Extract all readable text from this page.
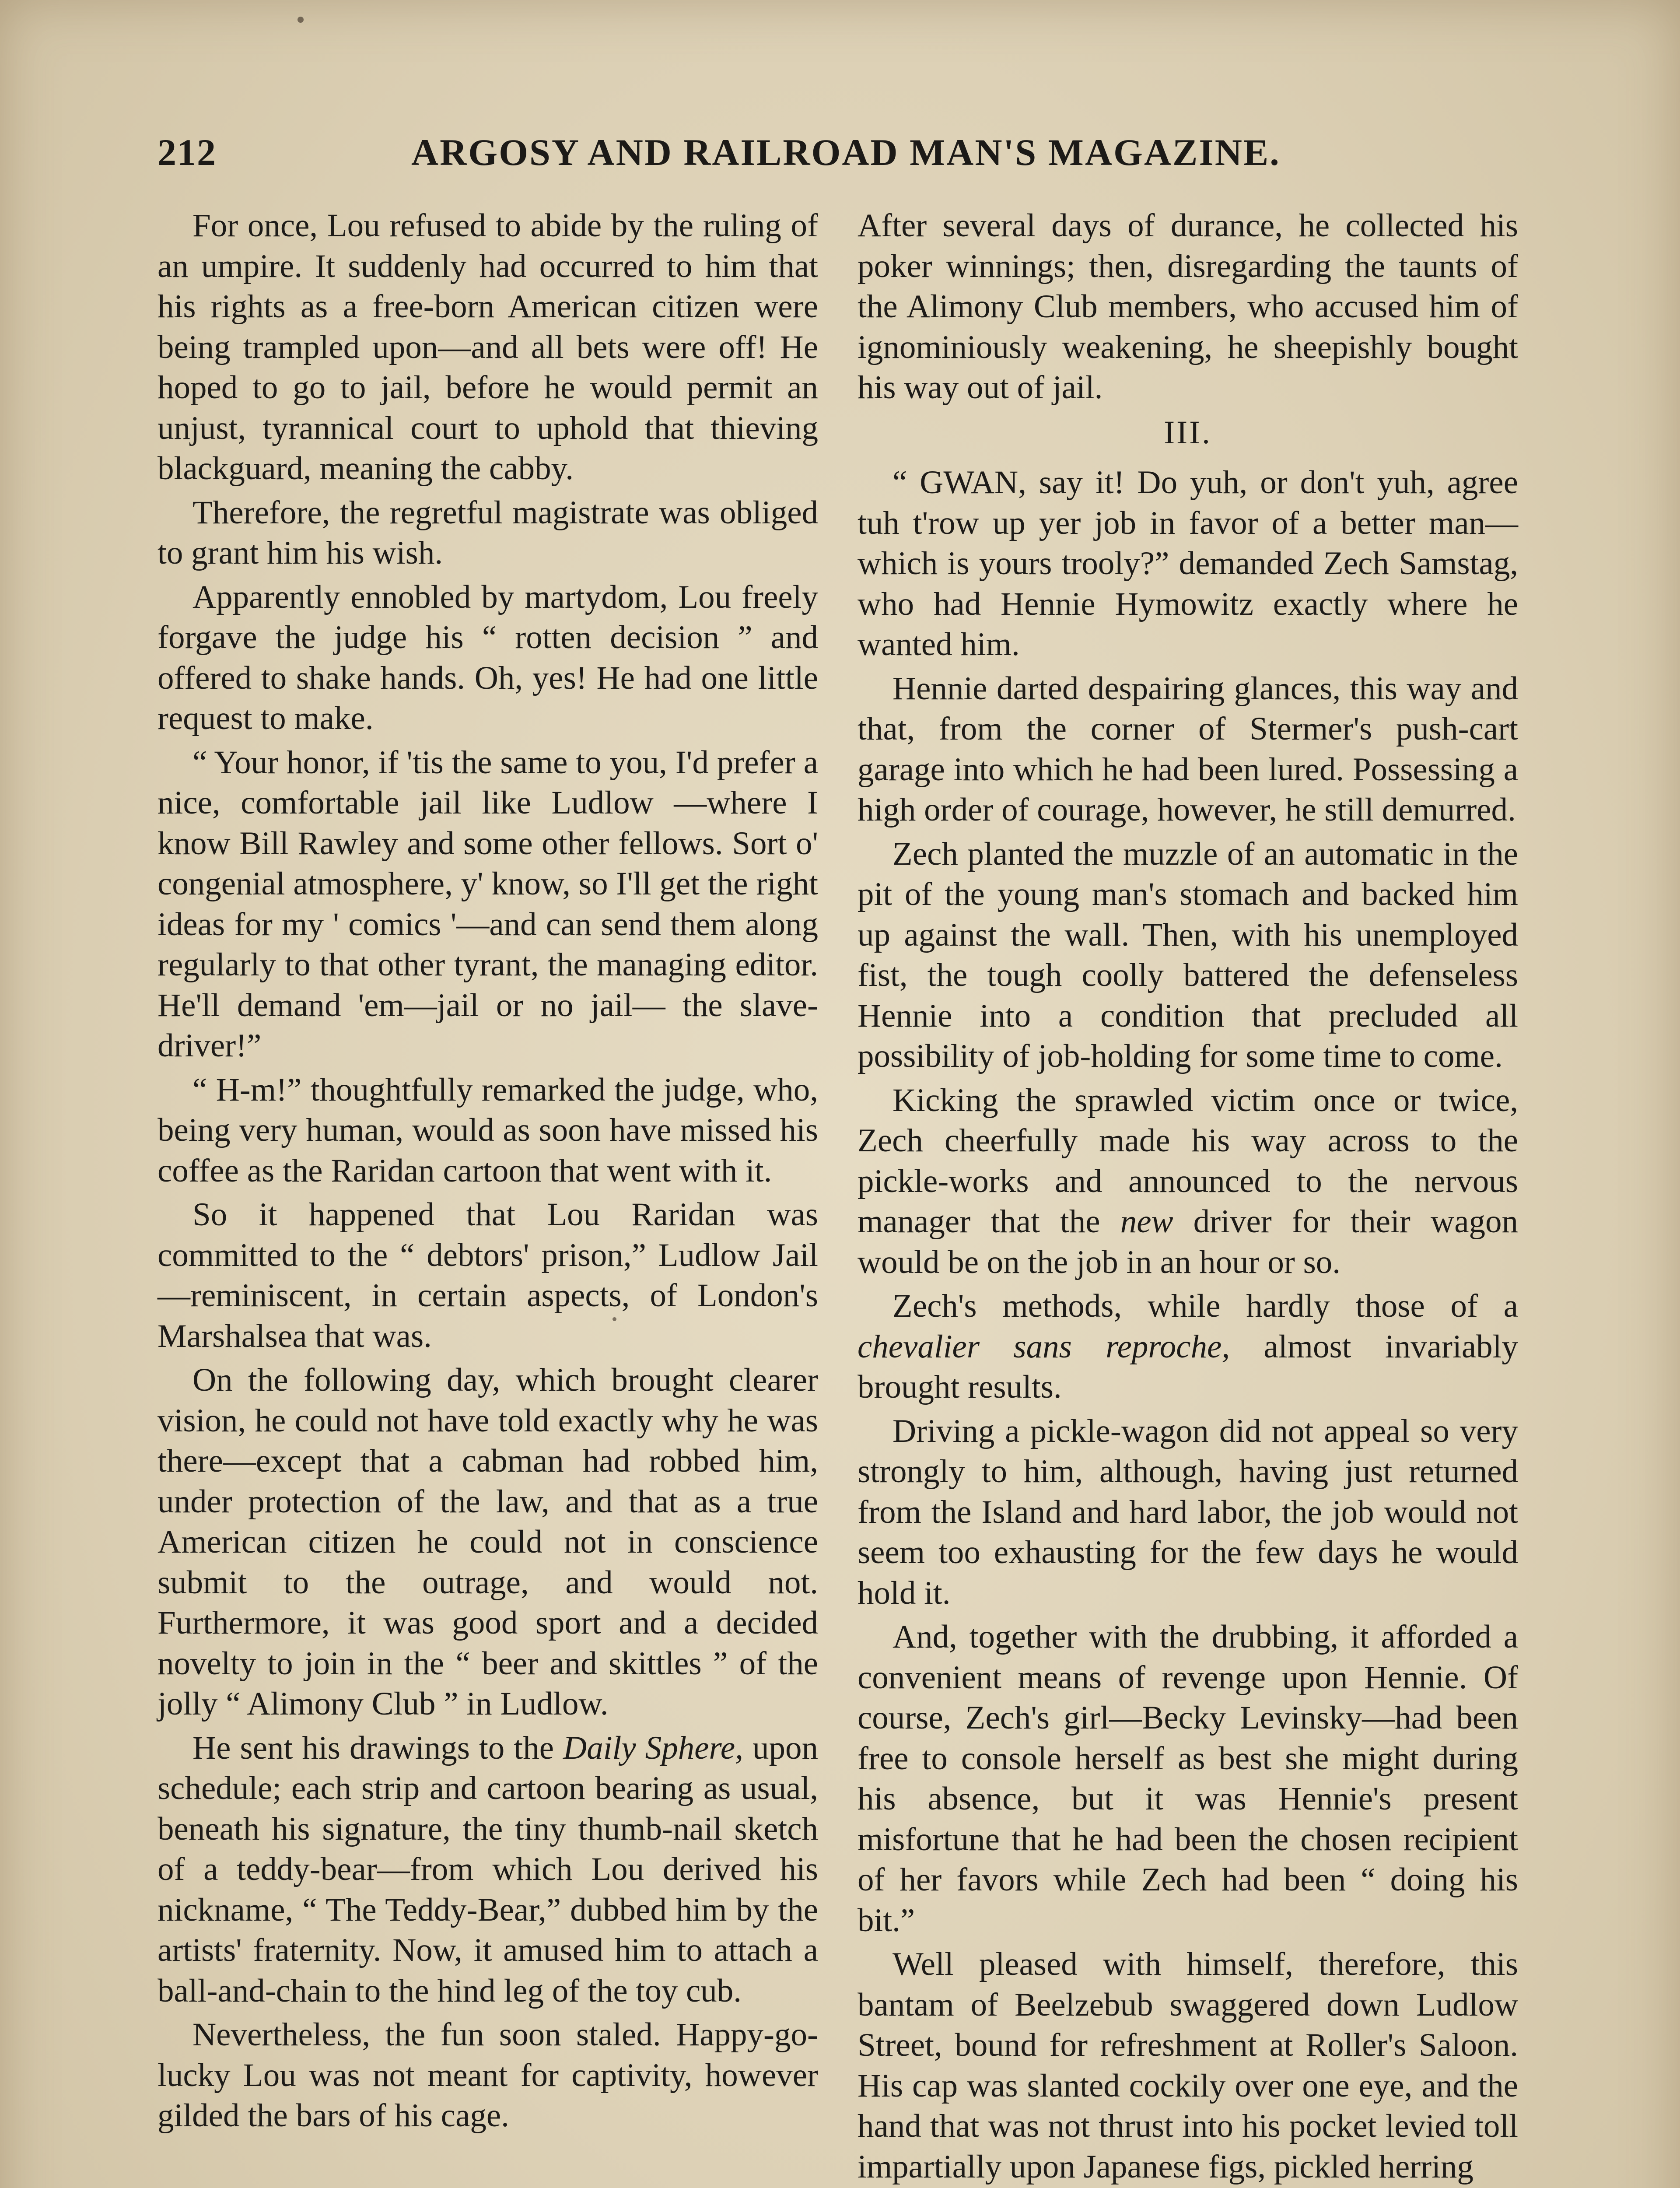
212	ARGOSY AND RAILROAD MAN'S MAGAZINE.

For once, Lou refused to abide by the ruling of an umpire. It suddenly had occurred to him that his rights as a free-born American citizen were being trampled upon—and all bets were off! He hoped to go to jail, before he would permit an unjust, tyrannical court to uphold that thieving blackguard, meaning the cabby.

Therefore, the regretful magistrate was obliged to grant him his wish.

Apparently ennobled by martydom, Lou freely forgave the judge his “ rotten decision ” and offered to shake hands. Oh, yes! He had one little request to make.

“ Your honor, if 'tis the same to you, I'd prefer a nice, comfortable jail like Ludlow —where I know Bill Rawley and some other fellows. Sort o' congenial atmosphere, y' know, so I'll get the right ideas for my ' comics '—and can send them along regularly to that other tyrant, the managing editor. He'll demand 'em—jail or no jail— the slave-driver!”

“ H-m!” thoughtfully remarked the judge, who, being very human, would as soon have missed his coffee as the Raridan cartoon that went with it.

So it happened that Lou Raridan was committed to the “ debtors' prison,” Ludlow Jail—reminiscent, in certain aspects, of London's Marshalsea that was.

On the following day, which brought clearer vision, he could not have told exactly why he was there—except that a cabman had robbed him, under protection of the law, and that as a true American citizen he could not in conscience submit to the outrage, and would not. Furthermore, it was good sport and a decided novelty to join in the “ beer and skittles ” of the jolly “ Alimony Club ” in Ludlow.

He sent his drawings to the Daily Sphere, upon schedule; each strip and cartoon bearing as usual, beneath his signature, the tiny thumb-nail sketch of a teddy-bear—from which Lou derived his nickname, “ The Teddy-Bear,” dubbed him by the artists' fraternity. Now, it amused him to attach a ball-and-chain to the hind leg of the toy cub.

Nevertheless, the fun soon staled. Happy-go-lucky Lou was not meant for captivity, however gilded the bars of his cage.

After several days of durance, he collected his poker winnings; then, disregarding the taunts of the Alimony Club members, who accused him of ignominiously weakening, he sheepishly bought his way out of jail.

III.

“ GWAN, say it! Do yuh, or don't yuh, agree tuh t'row up yer job in favor of a better man—which is yours trooly?” demanded Zech Samstag, who had Hennie Hymowitz exactly where he wanted him.

Hennie darted despairing glances, this way and that, from the corner of Stermer's push-cart garage into which he had been lured. Possessing a high order of courage, however, he still demurred.

Zech planted the muzzle of an automatic in the pit of the young man's stomach and backed him up against the wall. Then, with his unemployed fist, the tough coolly battered the defenseless Hennie into a condition that precluded all possibility of job-holding for some time to come.

Kicking the sprawled victim once or twice, Zech cheerfully made his way across to the pickle-works and announced to the nervous manager that the new driver for their wagon would be on the job in an hour or so.

Zech's methods, while hardly those of a chevalier sans reproche, almost invariably brought results.

Driving a pickle-wagon did not appeal so very strongly to him, although, having just returned from the Island and hard labor, the job would not seem too exhausting for the few days he would hold it.

And, together with the drubbing, it afforded a convenient means of revenge upon Hennie. Of course, Zech's girl—Becky Levinsky—had been free to console herself as best she might during his absence, but it was Hennie's present misfortune that he had been the chosen recipient of her favors while Zech had been “ doing his bit.”

Well pleased with himself, therefore, this bantam of Beelzebub swaggered down Ludlow Street, bound for refreshment at Roller's Saloon. His cap was slanted cockily over one eye, and the hand that was not thrust into his pocket levied toll impartially upon Japanese figs, pickled herring
